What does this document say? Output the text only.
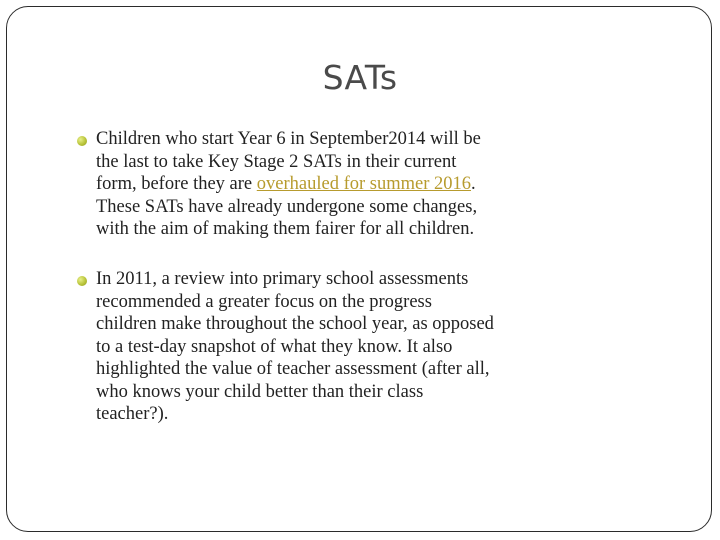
SATs
Children who start Year 6 in September2014 will be
the last to take Key Stage 2 SATs in their current
form, before they are overhauled for summer 2016.
These SATs have already undergone some changes,
with the aim of making them fairer for all children.
In 2011, a review into primary school assessments
recommended a greater focus on the progress
children make throughout the school year, as opposed
to a test-day snapshot of what they know. It also
highlighted the value of teacher assessment (after all,
who knows your child better than their class
teacher?).
